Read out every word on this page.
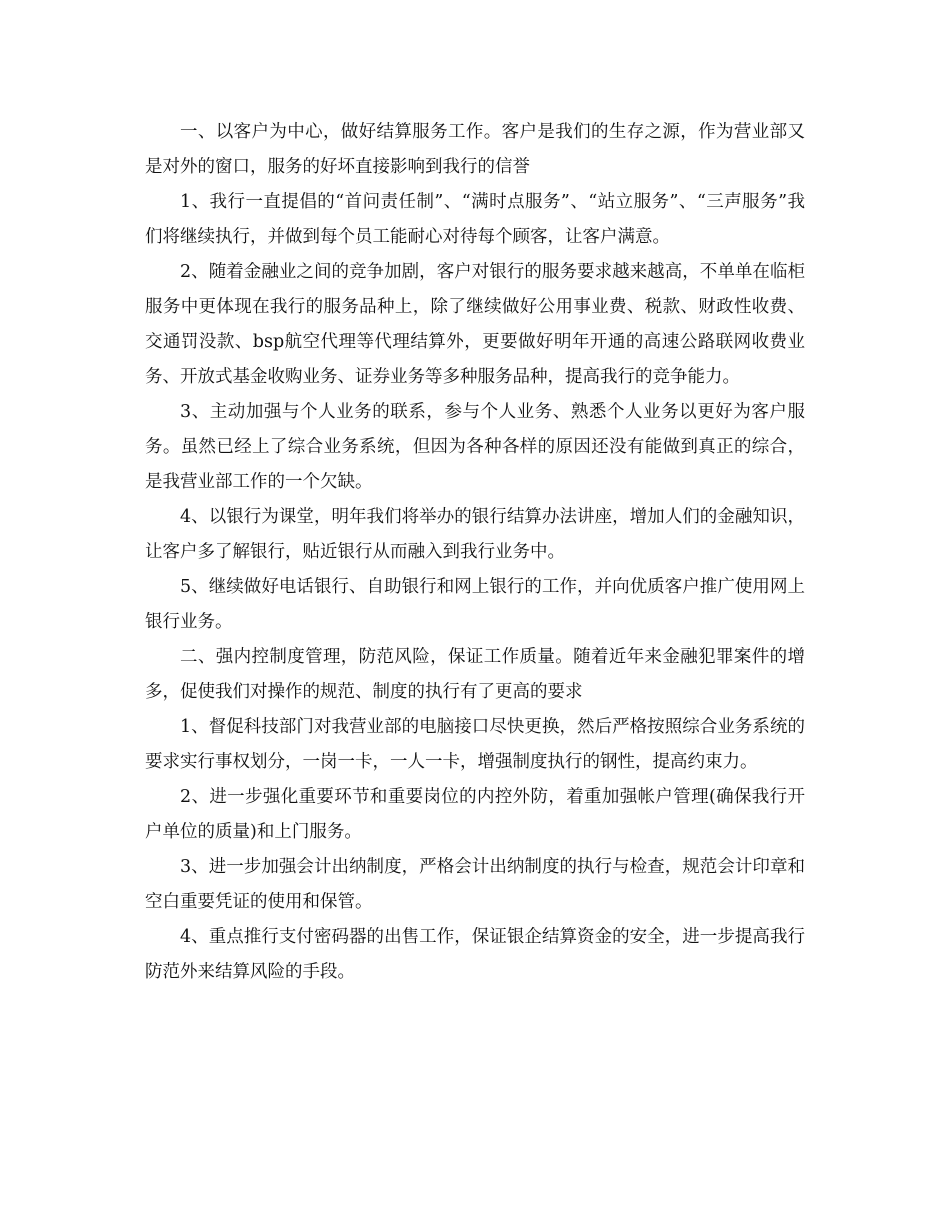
一、以客户为中心，做好结算服务工作。客户是我们的生存之源，作为营业部又是对外的窗口，服务的好坏直接影响到我行的信誉

1、我行一直提倡的“首问责任制”、“满时点服务”、“站立服务”、“三声服务”我们将继续执行，并做到每个员工能耐心对待每个顾客，让客户满意。

2、随着金融业之间的竞争加剧，客户对银行的服务要求越来越高，不单单在临柜服务中更体现在我行的服务品种上，除了继续做好公用事业费、税款、财政性收费、交通罚没款、bsp航空代理等代理结算外，更要做好明年开通的高速公路联网收费业务、开放式基金收购业务、证券业务等多种服务品种，提高我行的竞争能力。

3、主动加强与个人业务的联系，参与个人业务、熟悉个人业务以更好为客户服务。虽然已经上了综合业务系统，但因为各种各样的原因还没有能做到真正的综合，是我营业部工作的一个欠缺。

4、以银行为课堂，明年我们将举办的银行结算办法讲座，增加人们的金融知识，让客户多了解银行，贴近银行从而融入到我行业务中。

5、继续做好电话银行、自助银行和网上银行的工作，并向优质客户推广使用网上银行业务。

二、强内控制度管理，防范风险，保证工作质量。随着近年来金融犯罪案件的增多，促使我们对操作的规范、制度的执行有了更高的要求

1、督促科技部门对我营业部的电脑接口尽快更换，然后严格按照综合业务系统的要求实行事权划分，一岗一卡，一人一卡，增强制度执行的钢性，提高约束力。

2、进一步强化重要环节和重要岗位的内控外防，着重加强帐户管理(确保我行开户单位的质量)和上门服务。

3、进一步加强会计出纳制度，严格会计出纳制度的执行与检查，规范会计印章和空白重要凭证的使用和保管。

4、重点推行支付密码器的出售工作，保证银企结算资金的安全，进一步提高我行防范外来结算风险的手段。
